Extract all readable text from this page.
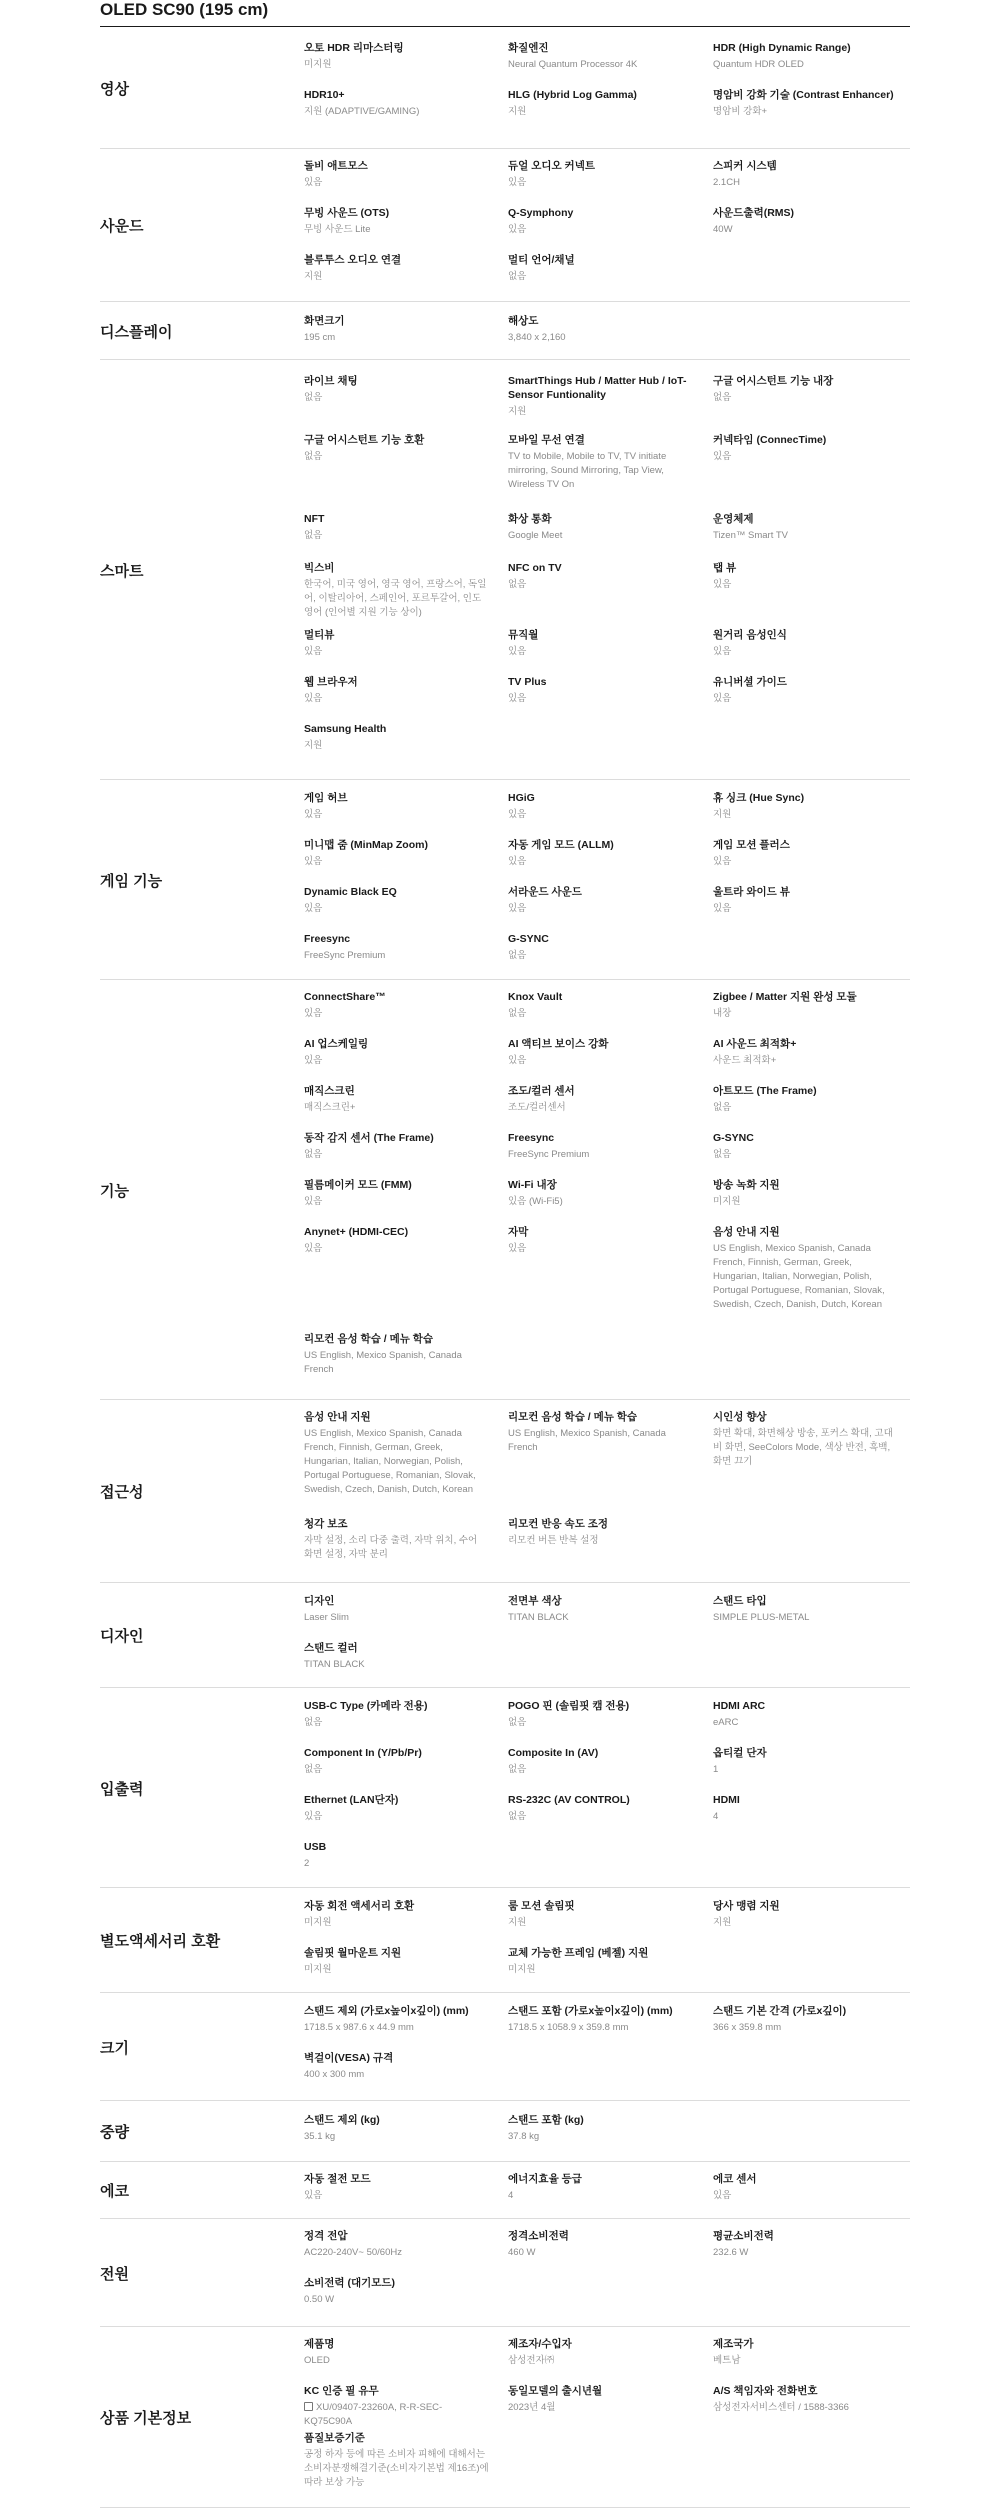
OLED SC90 (195 cm)
영상
오토 HDR 리마스터링
미지원
화질엔진
Neural Quantum Processor 4K
HDR (High Dynamic Range)
Quantum HDR OLED
HDR10+
지원 (ADAPTIVE/GAMING)
HLG (Hybrid Log Gamma)
지원
명암비 강화 기술 (Contrast Enhancer)
명암비 강화+
사운드
돌비 애트모스
있음
듀얼 오디오 커넥트
있음
스피커 시스템
2.1CH
무빙 사운드 (OTS)
무빙 사운드 Lite
Q-Symphony
있음
사운드출력(RMS)
40W
블루투스 오디오 연결
지원
멀티 언어/채널
없음
디스플레이
화면크기
195 cm
해상도
3,840 x 2,160
스마트
라이브 채팅
없음
SmartThings Hub / Matter Hub / IoT-Sensor Funtionality
지원
구글 어시스턴트 기능 내장
없음
구글 어시스턴트 기능 호환
없음
모바일 무선 연결
TV to Mobile, Mobile to TV, TV initiate mirroring, Sound Mirroring, Tap View, Wireless TV On
커넥타임 (ConnecTime)
있음
NFT
없음
화상 통화
Google Meet
운영체제
Tizen™ Smart TV
빅스비
한국어, 미국 영어, 영국 영어, 프랑스어, 독일어, 이탈리아어, 스페인어, 포르투갈어, 인도 영어 (인어별 지원 기능 상이)
NFC on TV
없음
탭 뷰
있음
멀티뷰
있음
뮤직월
있음
원거리 음성인식
있음
웹 브라우저
있음
TV Plus
있음
유니버셜 가이드
있음
Samsung Health
지원
게임 기능
게임 허브
있음
HGiG
있음
휴 싱크 (Hue Sync)
지원
미니맵 줌 (MinMap Zoom)
있음
자동 게임 모드 (ALLM)
있음
게임 모션 플러스
있음
Dynamic Black EQ
있음
서라운드 사운드
있음
울트라 와이드 뷰
있음
Freesync
FreeSync Premium
G-SYNC
없음
기능
ConnectShare™
있음
Knox Vault
없음
Zigbee / Matter 지원 완성 모듈
내장
AI 업스케일링
있음
AI 액티브 보이스 강화
있음
AI 사운드 최적화+
사운드 최적화+
매직스크린
매직스크린+
조도/컬러 센서
조도/컬러센서
아트모드 (The Frame)
없음
동작 감지 센서 (The Frame)
없음
Freesync
FreeSync Premium
G-SYNC
없음
필름메이커 모드 (FMM)
있음
Wi-Fi 내장
있음 (Wi-Fi5)
방송 녹화 지원
미지원
Anynet+ (HDMI-CEC)
있음
자막
있음
음성 안내 지원
US English, Mexico Spanish, Canada French, Finnish, German, Greek, Hungarian, Italian, Norwegian, Polish, Portugal Portuguese, Romanian, Slovak, Swedish, Czech, Danish, Dutch, Korean
리모컨 음성 학습 / 메뉴 학습
US English, Mexico Spanish, Canada French
접근성
음성 안내 지원
US English, Mexico Spanish, Canada French, Finnish, German, Greek, Hungarian, Italian, Norwegian, Polish, Portugal Portuguese, Romanian, Slovak, Swedish, Czech, Danish, Dutch, Korean
리모컨 음성 학습 / 메뉴 학습
US English, Mexico Spanish, Canada French
시인성 향상
화면 확대, 화면해상 방송, 포커스 확대, 고대비 화면, SeeColors Mode, 색상 반전, 흑백, 화면 끄기
청각 보조
자막 설정, 소리 다중 출력, 자막 위치, 수어 화면 설정, 자막 분리
리모컨 반응 속도 조정
리모컨 버튼 반복 설정
디자인
디자인
Laser Slim
전면부 색상
TITAN BLACK
스탠드 타입
SIMPLE PLUS-METAL
스탠드 컬러
TITAN BLACK
입출력
USB-C Type (카메라 전용)
없음
POGO 핀 (솔림핏 캠 전용)
없음
HDMI ARC
eARC
Component In (Y/Pb/Pr)
없음
Composite In (AV)
없음
옵티컬 단자
1
Ethernet (LAN단자)
있음
RS-232C (AV CONTROL)
없음
HDMI
4
USB
2
별도액세서리 호환
자동 회전 액세서리 호환
미지원
룸 모션 솔림핏
지원
당사 맹렴 지원
지원
솔림핏 월마운트 지원
미지원
교체 가능한 프레임 (베젤) 지원
미지원
크기
스탠드 제외 (가로x높이x깊이) (mm)
1718.5 x 987.6 x 44.9 mm
스탠드 포함 (가로x높이x깊이) (mm)
1718.5 x 1058.9 x 359.8 mm
스탠드 기본 간격 (가로x깊이)
366 x 359.8 mm
벽걸이(VESA) 규격
400 x 300 mm
중량
스탠드 제외 (kg)
35.1 kg
스탠드 포함 (kg)
37.8 kg
에코
자동 절전 모드
있음
에너지효율 등급
4
에코 센서
있음
전원
정격 전압
AC220-240V~ 50/60Hz
정격소비전력
460 W
평균소비전력
232.6 W
소비전력 (대기모드)
0.50 W
상품 기본정보
제품명
OLED
제조자/수입자
삼성전자㈜
제조국가
베트남
KC 인증 필 유무
XU/09407-23260A, R-R-SEC-KQ75C90A
동일모델의 출시년월
2023년 4월
A/S 책임자와 전화번호
삼성전자서비스센터 / 1588-3366
품질보증기준
공정 하자 등에 따른 소비자 피해에 대해서는 소비자분쟁해결기준(소비자기본법 제16조)에 따라 보상 가능
